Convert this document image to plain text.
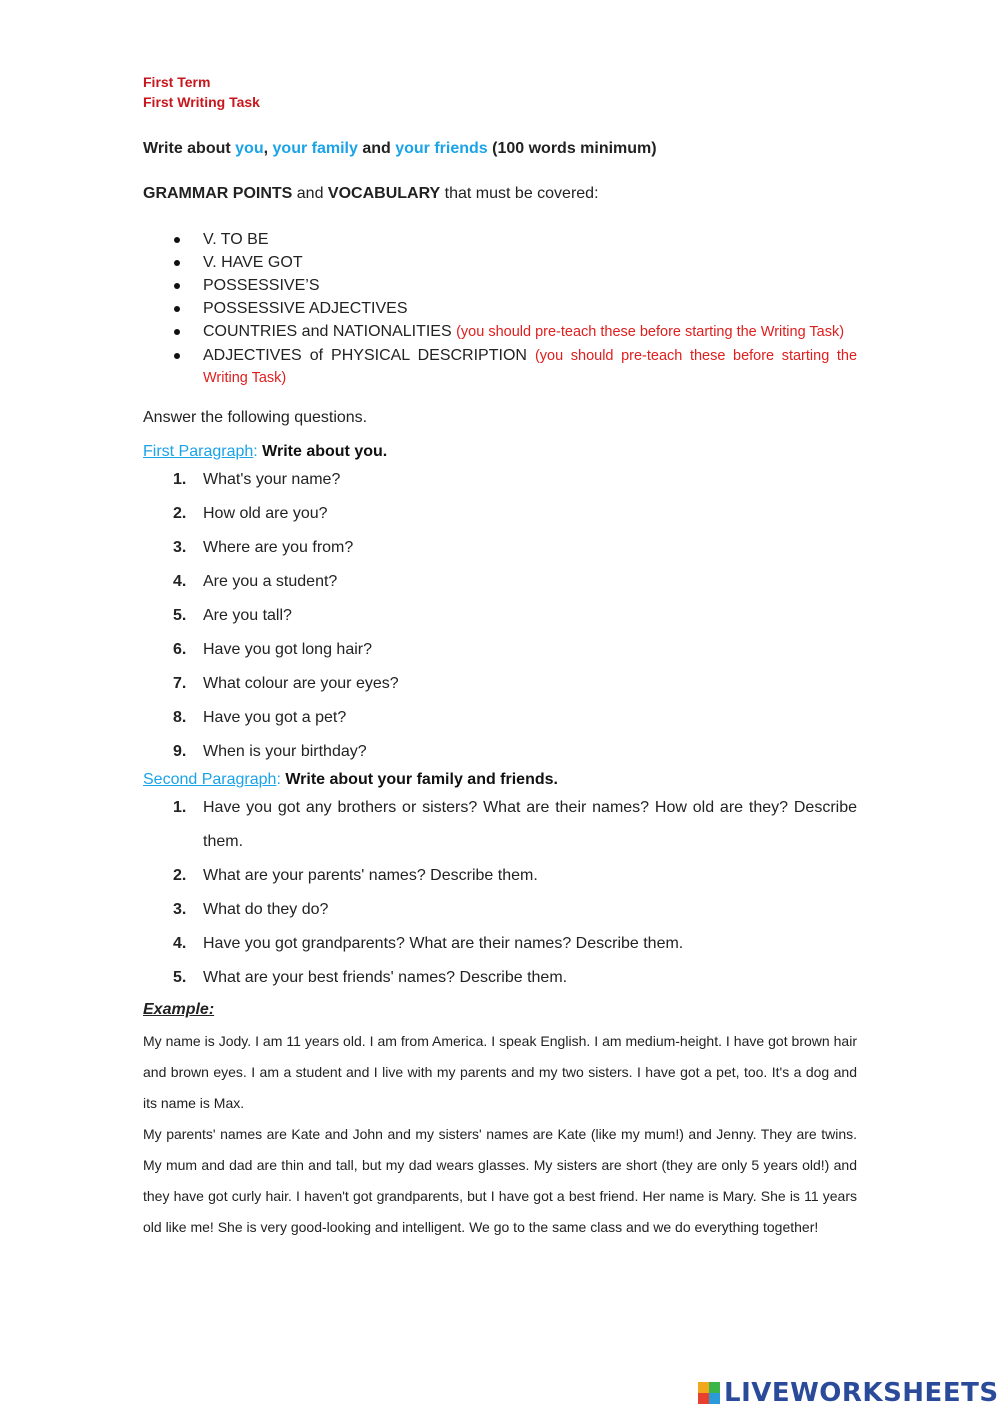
First Term
First Writing Task
Write about you, your family and your friends (100 words minimum)
GRAMMAR POINTS and VOCABULARY that must be covered:
V. TO BE
V. HAVE GOT
POSSESSIVE’S
POSSESSIVE ADJECTIVES
COUNTRIES and NATIONALITIES (you should pre-teach these before starting the Writing Task)
ADJECTIVES of PHYSICAL DESCRIPTION (you should pre-teach these before starting the Writing Task)
Answer the following questions.
First Paragraph: Write about you.
1. What's your name?
2. How old are you?
3. Where are you from?
4. Are you a student?
5. Are you tall?
6. Have you got long hair?
7. What colour are your eyes?
8. Have you got a pet?
9. When is your birthday?
Second Paragraph: Write about your family and friends.
1. Have you got any brothers or sisters? What are their names? How old are they? Describe them.
2. What are your parents' names? Describe them.
3. What do they do?
4. Have you got grandparents? What are their names? Describe them.
5. What are your best friends' names? Describe them.
Example:

My name is Jody. I am 11 years old. I am from America. I speak English. I am medium-height. I have got brown hair and brown eyes. I am a student and I live with my parents and my two sisters. I have got a pet, too. It's a dog and its name is Max.

My parents' names are Kate and John and my sisters' names are Kate (like my mum!) and Jenny. They are twins. My mum and dad are thin and tall, but my dad wears glasses. My sisters are short (they are only 5 years old!) and they have got curly hair. I haven't got grandparents, but I have got a best friend. Her name is Mary. She is 11 years old like me! She is very good-looking and intelligent. We go to the same class and we do everything together!

LIVEWORKSHEETS
